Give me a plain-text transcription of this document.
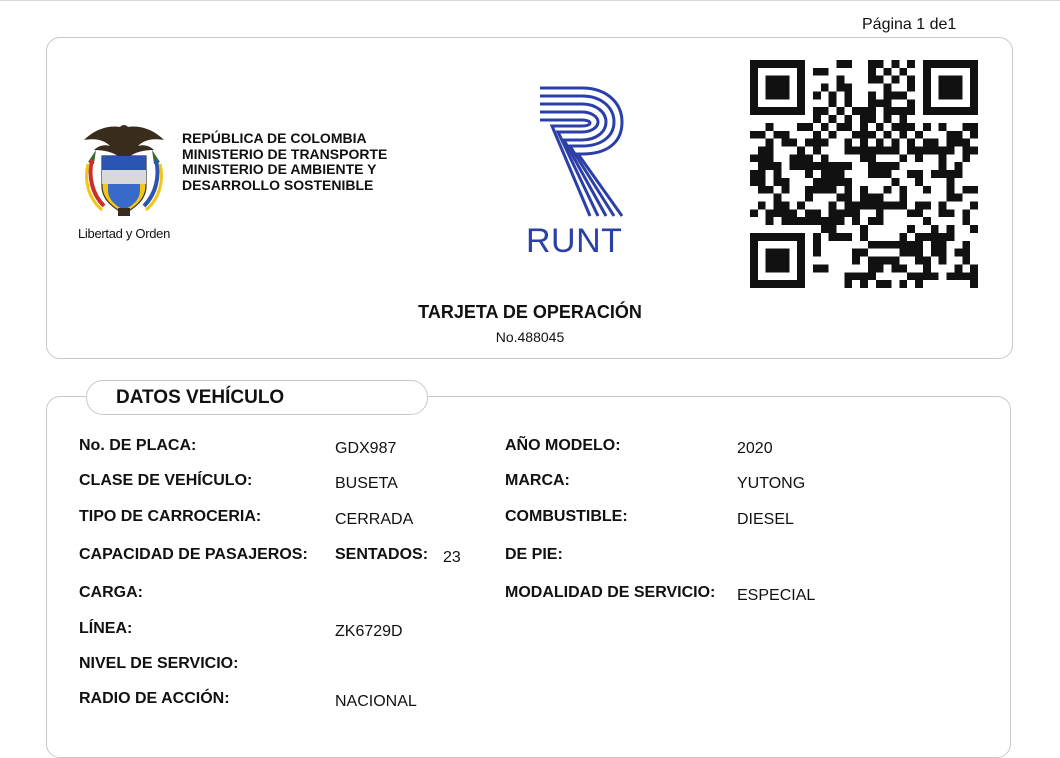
Página 1 de1
Libertad y Orden
REPÚBLICA DE COLOMBIA
MINISTERIO DE TRANSPORTE
MINISTERIO DE AMBIENTE Y
DESARROLLO SOSTENIBLE
RUNT
TARJETA DE OPERACIÓN
No.488045
DATOS VEHÍCULO
No. DE PLACA:	GDX987
CLASE DE VEHÍCULO:	BUSETA
TIPO DE CARROCERIA:	CERRADA
CAPACIDAD DE PASAJEROS: SENTADOS: 23
CARGA:
LÍNEA:	ZK6729D
NIVEL DE SERVICIO:
RADIO DE ACCIÓN:	NACIONAL
AÑO MODELO:	2020
MARCA:	YUTONG
COMBUSTIBLE:	DIESEL
DE PIE:
MODALIDAD DE SERVICIO: ESPECIAL
